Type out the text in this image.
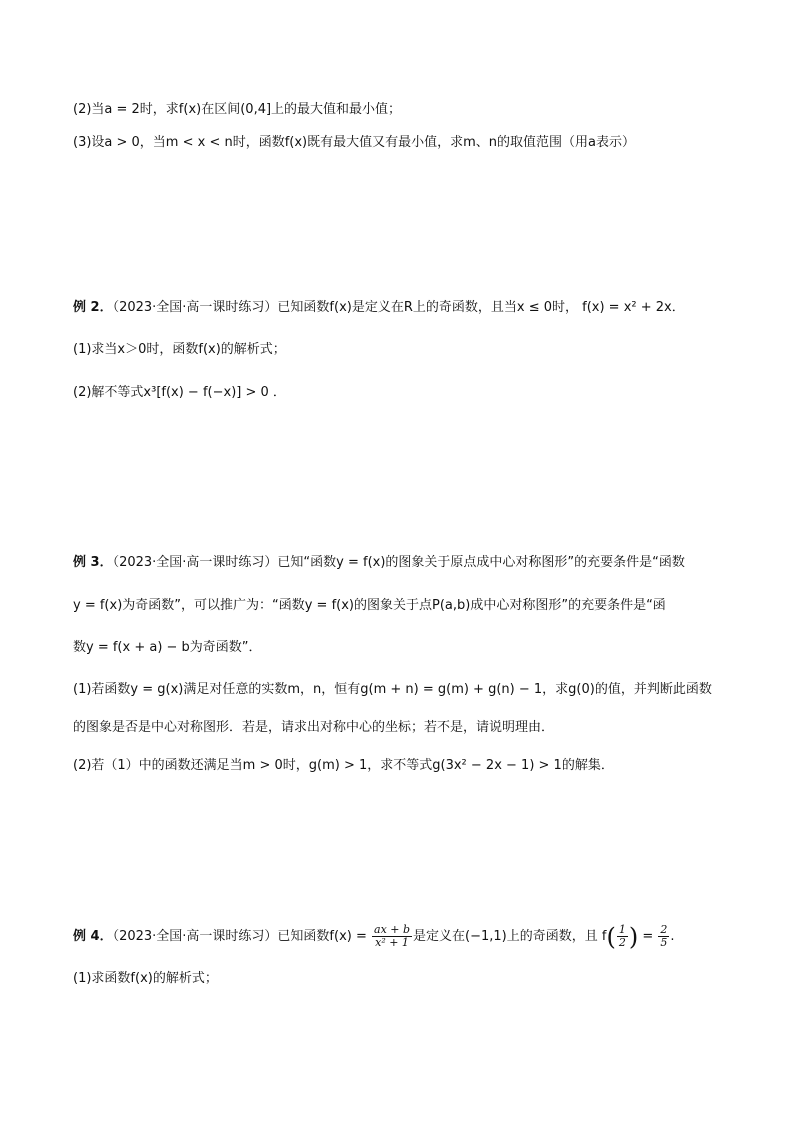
(2)当a = 2时，求f(x)在区间(0,4]上的最大值和最小值；
(3)设a > 0，当m < x < n时，函数f(x)既有最大值又有最小值，求m、n的取值范围（用a表示）
例 2．（2023·全国·高一课时练习）已知函数f(x)是定义在R上的奇函数，且当x ≤ 0时， f(x) = x² + 2x．
(1)求当x＞0时，函数f(x)的解析式；
(2)解不等式x³[f(x) − f(−x)] > 0 ．
例 3．（2023·全国·高一课时练习）已知“函数y = f(x)的图象关于原点成中心对称图形”的充要条件是“函数
y = f(x)为奇函数”，可以推广为：“函数y = f(x)的图象关于点P(a,b)成中心对称图形”的充要条件是“函
数y = f(x + a) − b为奇函数”．
(1)若函数y = g(x)满足对任意的实数m，n，恒有g(m + n) = g(m) + g(n) − 1，求g(0)的值，并判断此函数
的图象是否是中心对称图形．若是，请求出对称中心的坐标；若不是，请说明理由．
(2)若（1）中的函数还满足当m > 0时，g(m) > 1，求不等式g(3x² − 2x − 1) > 1的解集．
例 4．（2023·全国·高一课时练习）已知函数$f(x) = \frac{ax + b}{\text{x² + 1}}$ 是定义在(−1,1)上的奇函数，且 f ( $\frac{1}{2}$ ) = $\frac{2}{5}$ .
(1)求函数f(x)的解析式；
